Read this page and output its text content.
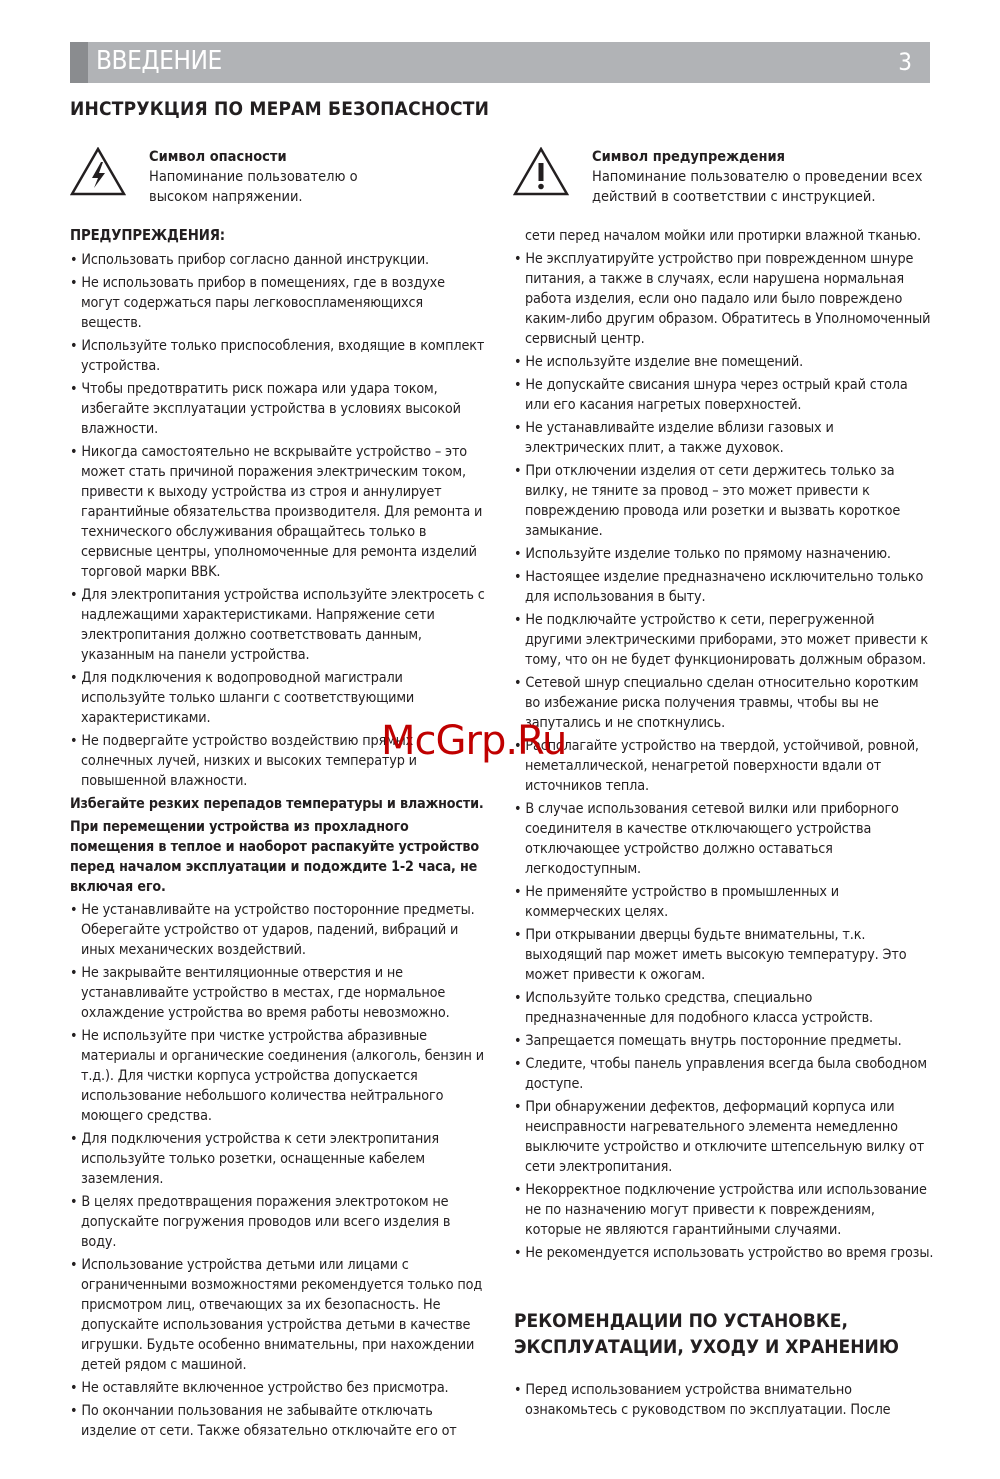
ВВЕДЕНИЕ	3
ИНСТРУКЦИЯ ПО МЕРАМ БЕЗОПАСНОСТИ
Символ опасности
Напоминание пользователю о высоком напряжении.
Символ предупреждения
Напоминание пользователю о проведении всех действий в соответствии с инструкцией.

ПРЕДУПРЕЖДЕНИЯ:

• Использовать прибор согласно данной инструкции.

• Не использовать прибор в помещениях, где в воздухе могут содержаться пары легковоспламеняющихся веществ.

• Используйте только приспособления, входящие в комплект устройства.

• Чтобы предотвратить риск пожара или удара током, избегайте эксплуатации устройства в условиях высокой влажности.

• Никогда самостоятельно не вскрывайте устройство – это может стать причиной поражения электрическим током, привести к выходу устройства из строя и аннулирует гарантийные обязательства производителя. Для ремонта и технического обслуживания обращайтесь только в сервисные центры, уполномоченные для ремонта изделий торговой марки BBK.

• Для электропитания устройства используйте электросеть с надлежащими характеристиками. Напряжение сети электропитания должно соответствовать данным, указанным на панели устройства.

• Для подключения к водопроводной магистрали используйте только шланги с соответствующими характеристиками.

• Не подвергайте устройство воздействию прямых солнечных лучей, низких и высоких температур и повышенной влажности.

Избегайте резких перепадов температуры и влажности.

При перемещении устройства из прохладного помещения в теплое и наоборот распакуйте устройство перед началом эксплуатации и подождите 1-2 часа, не включая его.

• Не устанавливайте на устройство посторонние предметы. Оберегайте устройство от ударов, падений, вибраций и иных механических воздействий.

• Не закрывайте вентиляционные отверстия и не устанавливайте устройство в местах, где нормальное охлаждение устройства во время работы невозможно.

• Не используйте при чистке устройства абразивные материалы и органические соединения (алкоголь, бензин и т.д.). Для чистки корпуса устройства допускается использование небольшого количества нейтрального моющего средства.

• Для подключения устройства к сети электропитания используйте только розетки, оснащенные кабелем заземления.

• В целях предотвращения поражения электротоком не допускайте погружения проводов или всего изделия в воду.

• Использование устройства детьми или лицами с ограниченными возможностями рекомендуется только под присмотром лиц, отвечающих за их безопасность. Не допускайте использования устройства детьми в качестве игрушки. Будьте особенно внимательны, при нахождении детей рядом с машиной.

• Не оставляйте включенное устройство без присмотра.

• По окончании пользования не забывайте отключать изделие от сети. Также обязательно отключайте его от

сети перед началом мойки или протирки влажной тканью.

• Не эксплуатируйте устройство при поврежденном шнуре питания, а также в случаях, если нарушена нормальная работа изделия, если оно падало или было повреждено каким-либо другим образом. Обратитесь в Уполномоченный сервисный центр.

• Не используйте изделие вне помещений.

• Не допускайте свисания шнура через острый край стола или его касания нагретых поверхностей.

• Не устанавливайте изделие вблизи газовых и электрических плит, а также духовок.

• При отключении изделия от сети держитесь только за вилку, не тяните за провод – это может привести к повреждению провода или розетки и вызвать короткое замыкание.

• Используйте изделие только по прямому назначению.

• Настоящее изделие предназначено исключительно только для использования в быту.

• Не подключайте устройство к сети, перегруженной другими электрическими приборами, это может привести к тому, что он не будет функционировать должным образом.

• Сетевой шнур специально сделан относительно коротким во избежание риска получения травмы, чтобы вы не запутались и не споткнулись.

• Располагайте устройство на твердой, устойчивой, ровной, неметаллической, ненагретой поверхности вдали от источников тепла.

• В случае использования сетевой вилки или приборного соединителя в качестве отключающего устройства отключающее устройство должно оставаться легкодоступным.

• Не применяйте устройство в промышленных и коммерческих целях.

• При открывании дверцы будьте внимательны, т.к. выходящий пар может иметь высокую температуру. Это может привести к ожогам.

• Используйте только средства, специально предназначенные для подобного класса устройств.

• Запрещается помещать внутрь посторонние предметы.

• Следите, чтобы панель управления всегда была свободном доступе.

• При обнаружении дефектов, деформаций корпуса или неисправности нагревательного элемента немедленно выключите устройство и отключите штепсельную вилку от сети электропитания.

• Некорректное подключение устройства или использование не по назначению могут привести к повреждениям, которые не являются гарантийными случаями.

• Не рекомендуется использовать устройство во время грозы.

РЕКОМЕНДАЦИИ ПО УСТАНОВКЕ,
ЭКСПЛУАТАЦИИ, УХОДУ И ХРАНЕНИЮ

• Перед использованием устройства внимательно ознакомьтесь с руководством по эксплуатации. После

McGrp.Ru
